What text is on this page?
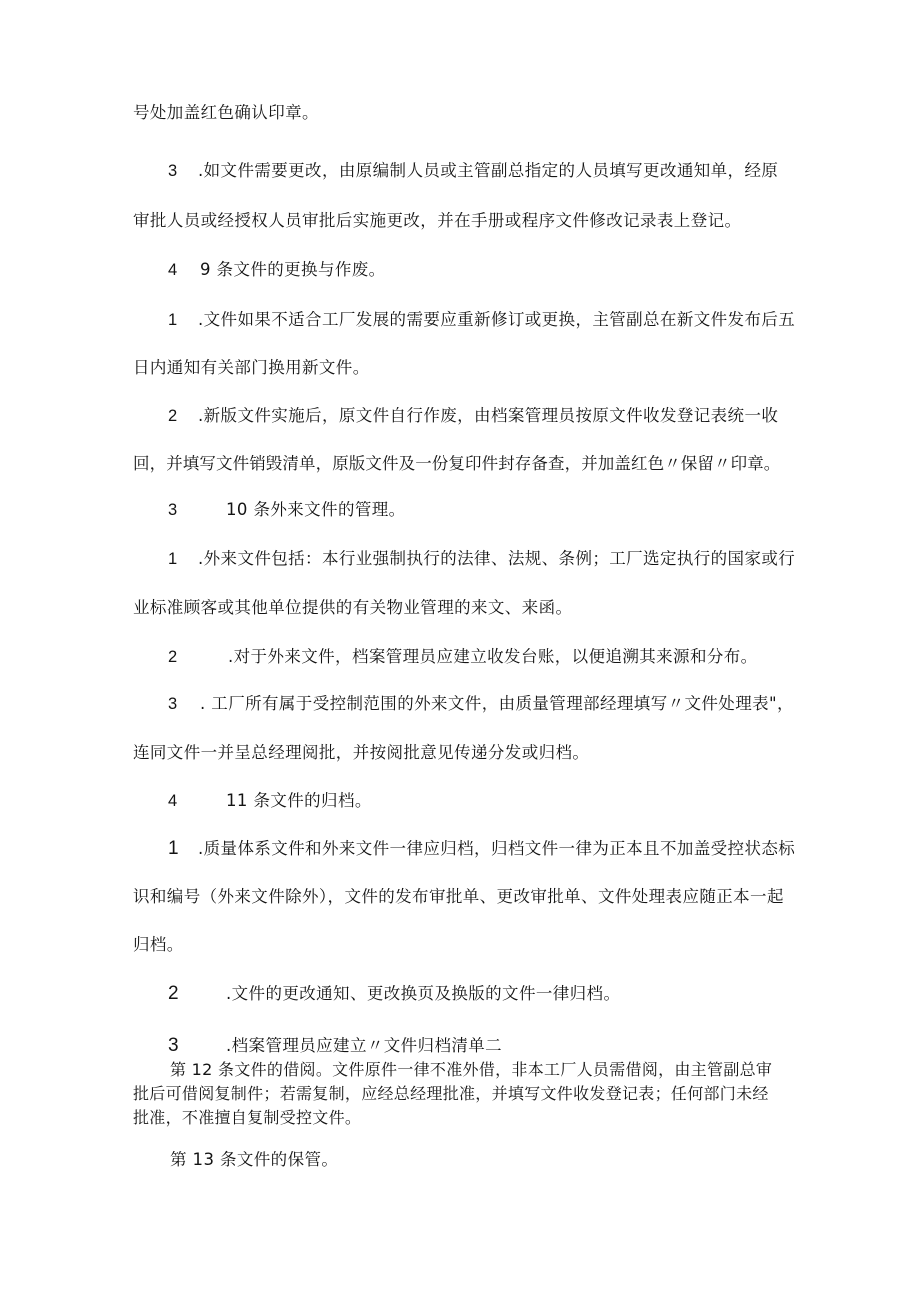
号处加盖红色确认印章。
3 .如文件需要更改，由原编制人员或主管副总指定的人员填写更改通知单，经原
审批人员或经授权人员审批后实施更改，并在手册或程序文件修改记录表上登记。
4 9 条文件的更换与作废。
1 .文件如果不适合工厂发展的需要应重新修订或更换，主管副总在新文件发布后五
日内通知有关部门换用新文件。
2 .新版文件实施后，原文件自行作废，由档案管理员按原文件收发登记表统一收
回，并填写文件销毁清单，原版文件及一份复印件封存备查，并加盖红色〃保留〃印章。
3	10 条外来文件的管理。
1 .外来文件包括：本行业强制执行的法律、法规、条例；工厂选定执行的国家或行
业标准顾客或其他单位提供的有关物业管理的来文、来函。
2	.对于外来文件，档案管理员应建立收发台账，以便追溯其来源和分布。
3 . 工厂所有属于受控制范围的外来文件，由质量管理部经理填写〃文件处理表"，
连同文件一并呈总经理阅批，并按阅批意见传递分发或归档。
4	11 条文件的归档。
1 .质量体系文件和外来文件一律应归档，归档文件一律为正本且不加盖受控状态标
识和编号（外来文件除外），文件的发布审批单、更改审批单、文件处理表应随正本一起
归档。
2	.文件的更改通知、更改换页及换版的文件一律归档。
3	.档案管理员应建立〃文件归档清单二
第 12 条文件的借阅。文件原件一律不准外借，非本工厂人员需借阅，由主管副总审
批后可借阅复制件；若需复制，应经总经理批准，并填写文件收发登记表；任何部门未经
批准，不准擅自复制受控文件。
第 13 条文件的保管。
